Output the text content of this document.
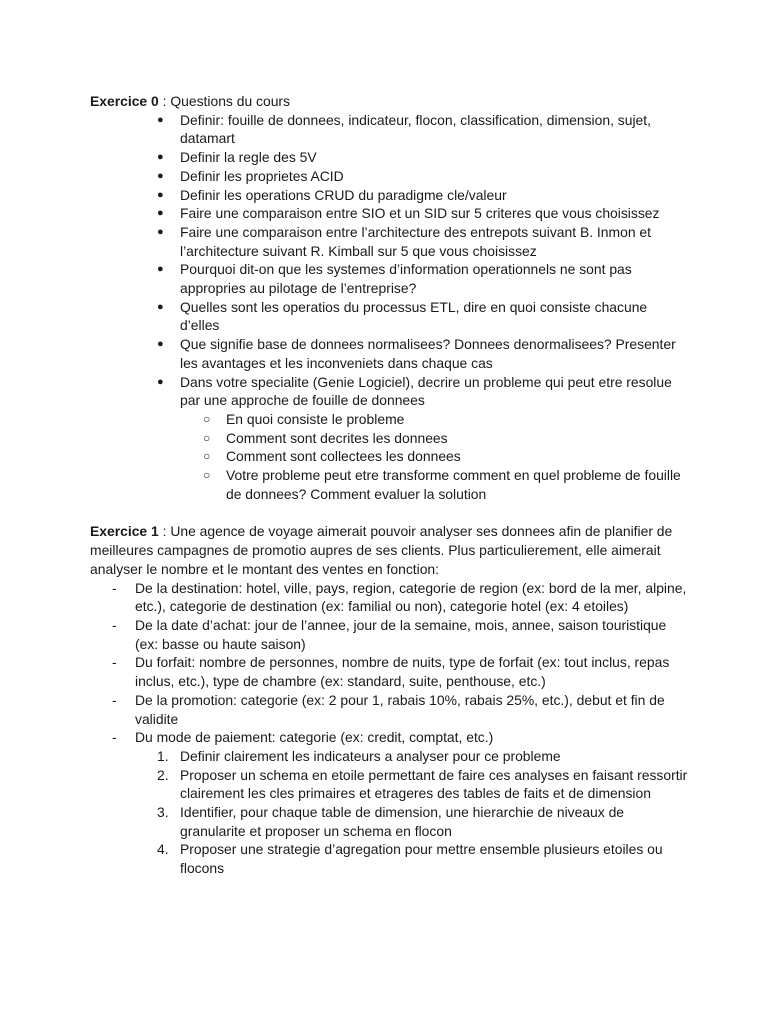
Exercice 0 : Questions du cours

● Definir: fouille de donnees, indicateur, flocon, classification, dimension, sujet, datamart
● Definir la regle des 5V
● Definir les proprietes ACID
● Definir les operations CRUD du paradigme cle/valeur
● Faire une comparaison entre SIO et un SID sur 5 criteres que vous choisissez
● Faire une comparaison entre l’architecture des entrepots suivant B. Inmon et l’architecture suivant R. Kimball sur 5 que vous choisissez
● Pourquoi dit-on que les systemes d’information operationnels ne sont pas appropries au pilotage de l’entreprise?
● Quelles sont les operatios du processus ETL, dire en quoi consiste chacune d’elles
● Que signifie base de donnees normalisees? Donnees denormalisees? Presenter les avantages et les inconveniets dans chaque cas
● Dans votre specialite (Genie Logiciel), decrire un probleme qui peut etre resolue par une approche de fouille de donnees
○ En quoi consiste le probleme
○ Comment sont decrites les donnees
○ Comment sont collectees les donnees
○ Votre probleme peut etre transforme comment en quel probleme de fouille de donnees? Comment evaluer la solution

Exercice 1 : Une agence de voyage aimerait pouvoir analyser ses donnees afin de planifier de meilleures campagnes de promotio aupres de ses clients. Plus particulierement, elle aimerait analyser le nombre et le montant des ventes en fonction:

- De la destination: hotel, ville, pays, region, categorie de region (ex: bord de la mer, alpine, etc.), categorie de destination (ex: familial ou non), categorie hotel (ex: 4 etoiles)
- De la date d’achat: jour de l’annee, jour de la semaine, mois, annee, saison touristique (ex: basse ou haute saison)
- Du forfait: nombre de personnes, nombre de nuits, type de forfait (ex: tout inclus, repas inclus, etc.), type de chambre (ex: standard, suite, penthouse, etc.)
- De la promotion: categorie (ex: 2 pour 1, rabais 10%, rabais 25%, etc.), debut et fin de validite
- Du mode de paiement: categorie (ex: credit, comptat, etc.)
1. Definir clairement les indicateurs a analyser pour ce probleme
2. Proposer un schema en etoile permettant de faire ces analyses en faisant ressortir clairement les cles primaires et etrageres des tables de faits et de dimension
3. Identifier, pour chaque table de dimension, une hierarchie de niveaux de granularite et proposer un schema en flocon
4. Proposer une strategie d’agregation pour mettre ensemble plusieurs etoiles ou flocons
